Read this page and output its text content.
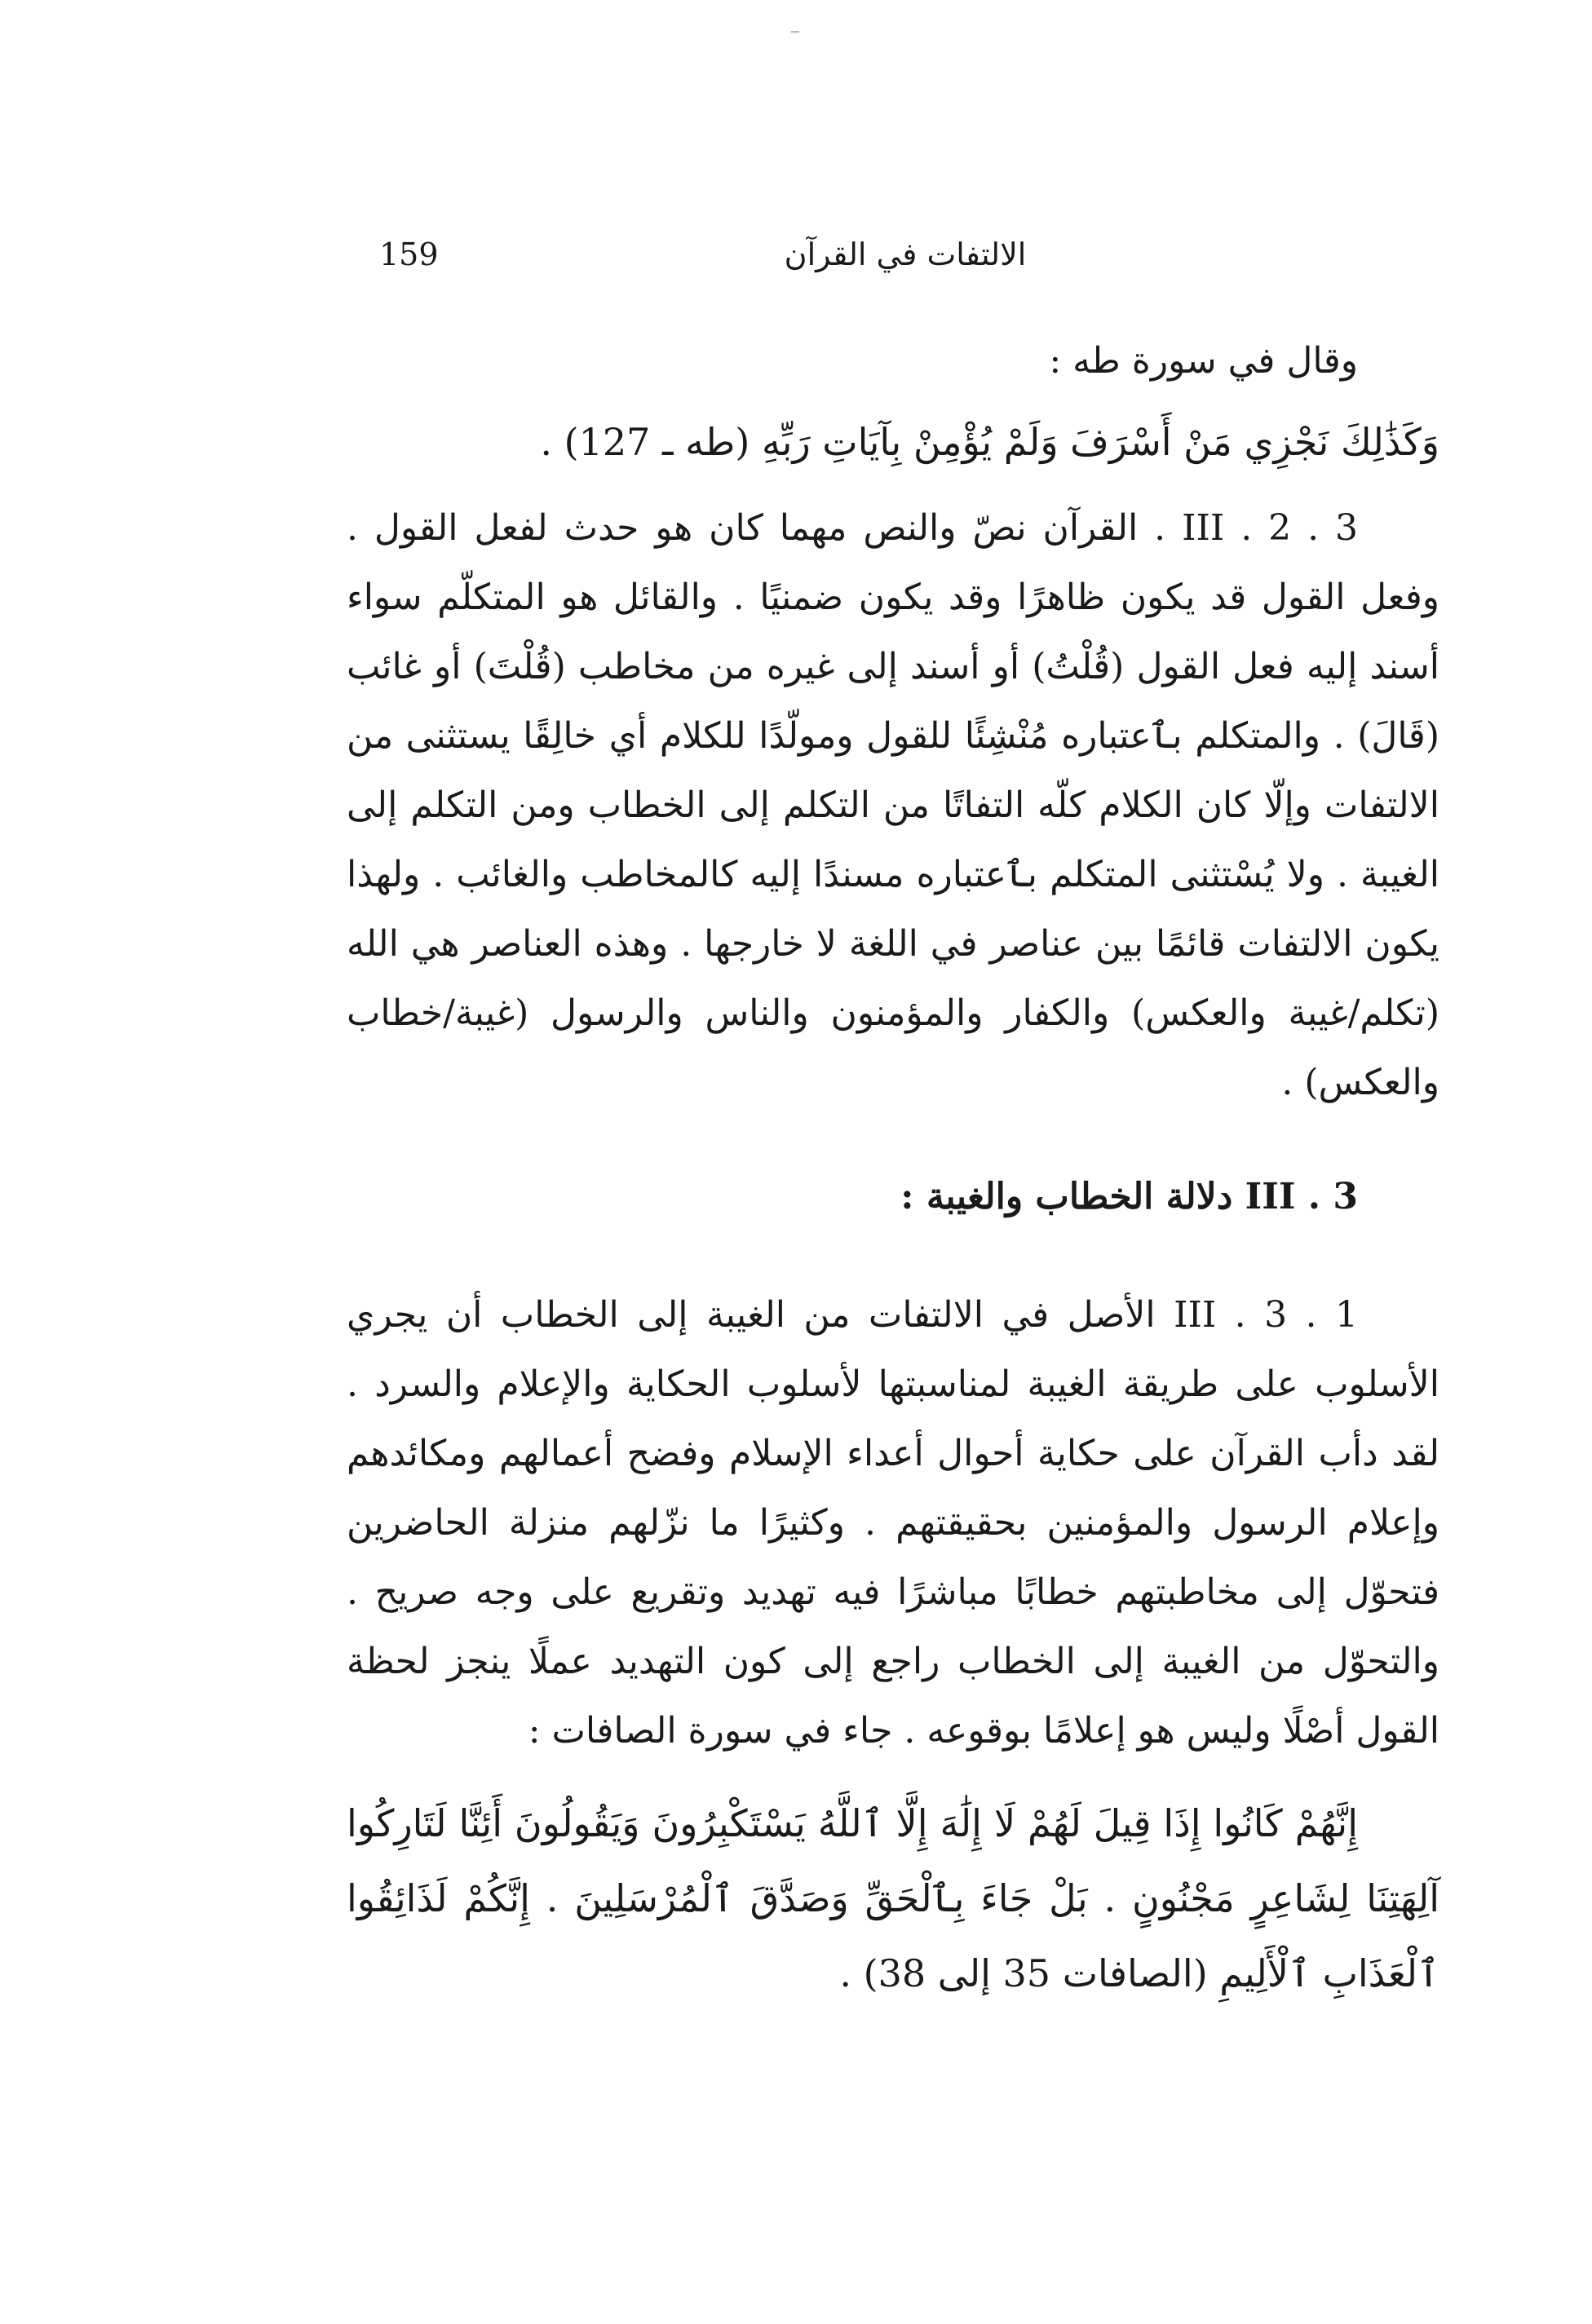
159	الالتفات في القرآن

وقال في سورة طه :

وَكَذَٰلِكَ نَجْزِي مَنْ أَسْرَفَ وَلَمْ يُؤْمِنْ بِآيَاتِ رَبِّهِ (طه ـ 127) .

III . 2 . 3 . القرآن نصّ والنص مهما كان هو حدث لفعل القول . وفعل القول قد يكون ظاهرًا وقد يكون ضمنيًا . والقائل هو المتكلّم سواء أسند إليه فعل القول (قُلْتُ) أو أسند إلى غيره من مخاطب (قُلْتَ) أو غائب (قَالَ) . والمتكلم بٱعتباره مُنْشِئًا للقول ومولّدًا للكلام أي خالِقًا يستثنى من الالتفات وإلّا كان الكلام كلّه التفاتًا من التكلم إلى الخطاب ومن التكلم إلى الغيبة . ولا يُسْتثنى المتكلم بٱعتباره مسندًا إليه كالمخاطب والغائب . ولهذا يكون الالتفات قائمًا بين عناصر في اللغة لا خارجها . وهذه العناصر هي الله (تكلم/غيبة والعكس) والكفار والمؤمنون والناس والرسول (غيبة/خطاب والعكس) .

III . 3 دلالة الخطاب والغيبة :

III . 3 . 1 الأصل في الالتفات من الغيبة إلى الخطاب أن يجري الأسلوب على طريقة الغيبة لمناسبتها لأسلوب الحكاية والإعلام والسرد . لقد دأب القرآن على حكاية أحوال أعداء الإسلام وفضح أعمالهم ومكائدهم وإعلام الرسول والمؤمنين بحقيقتهم . وكثيرًا ما نزّلهم منزلة الحاضرين فتحوّل إلى مخاطبتهم خطابًا مباشرًا فيه تهديد وتقريع على وجه صريح . والتحوّل من الغيبة إلى الخطاب راجع إلى كون التهديد عملًا ينجز لحظة القول أصْلًا وليس هو إعلامًا بوقوعه . جاء في سورة الصافات :

إِنَّهُمْ كَانُوا إِذَا قِيلَ لَهُمْ لَا إِلَٰهَ إِلَّا ٱللَّهُ يَسْتَكْبِرُونَ وَيَقُولُونَ أَئِنَّا لَتَارِكُوا آلِهَتِنَا لِشَاعِرٍ مَجْنُونٍ . بَلْ جَاءَ بِٱلْحَقِّ وَصَدَّقَ ٱلْمُرْسَلِينَ . إِنَّكُمْ لَذَائِقُوا ٱلْعَذَابِ ٱلْأَلِيمِ (الصافات 35 إلى 38) .
